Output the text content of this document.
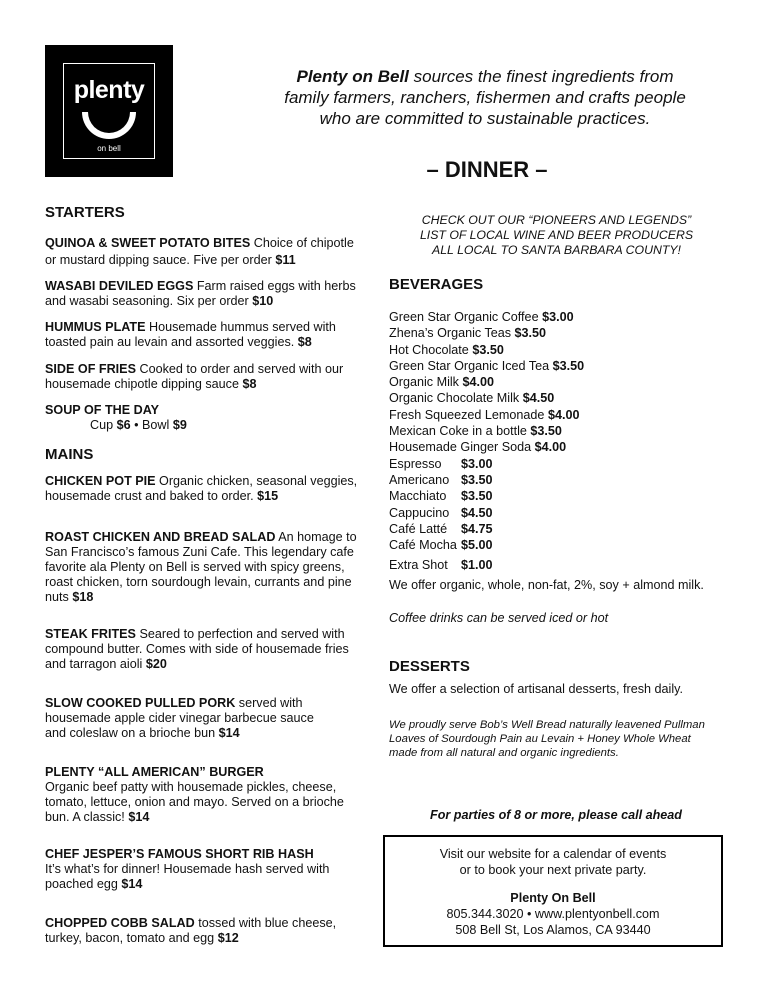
plenty
on bell
Plenty on Bell sources the finest ingredients from
family farmers, ranchers, fishermen and crafts people
who are committed to sustainable practices.
– DINNER –
STARTERS
QUINOA & SWEET POTATO BITES Choice of chipotle
or mustard dipping sauce. Five per order $11
WASABI DEVILED EGGS Farm raised eggs with herbs
and wasabi seasoning. Six per order $10
HUMMUS PLATE Housemade hummus served with
toasted pain au levain and assorted veggies. $8
SIDE OF FRIES Cooked to order and served with our
housemade chipotle dipping sauce $8
SOUP OF THE DAY
Cup $6 • Bowl $9
MAINS
CHICKEN POT PIE Organic chicken, seasonal veggies,
housemade crust and baked to order. $15
ROAST CHICKEN AND BREAD SALAD An homage to
San Francisco’s famous Zuni Cafe. This legendary cafe
favorite ala Plenty on Bell is served with spicy greens,
roast chicken, torn sourdough levain, currants and pine
nuts $18
STEAK FRITES Seared to perfection and served with
compound butter. Comes with side of housemade fries
and tarragon aioli $20
SLOW COOKED PULLED PORK served with
housemade apple cider vinegar barbecue sauce
and coleslaw on a brioche bun $14
PLENTY “ALL AMERICAN” BURGER
Organic beef patty with housemade pickles, cheese,
tomato, lettuce, onion and mayo. Served on a brioche
bun. A classic! $14
CHEF JESPER’S FAMOUS SHORT RIB HASH
It’s what’s for dinner! Housemade hash served with
poached egg $14
CHOPPED COBB SALAD tossed with blue cheese,
turkey, bacon, tomato and egg $12
CHECK OUT OUR “PIONEERS AND LEGENDS”
LIST OF LOCAL WINE AND BEER PRODUCERS
ALL LOCAL TO SANTA BARBARA COUNTY!
BEVERAGES
Green Star Organic Coffee $3.00
Zhena’s Organic Teas $3.50
Hot Chocolate $3.50
Green Star Organic Iced Tea $3.50
Organic Milk $4.00
Organic Chocolate Milk $4.50
Fresh Squeezed Lemonade $4.00
Mexican Coke in a bottle $3.50
Housemade Ginger Soda $4.00
Espresso $3.00
Americano $3.50
Macchiato $3.50
Cappucino $4.50
Café Latté $4.75
Café Mocha $5.00
Extra Shot $1.00
We offer organic, whole, non-fat, 2%, soy + almond milk.
Coffee drinks can be served iced or hot
DESSERTS
We offer a selection of artisanal desserts, fresh daily.
We proudly serve Bob’s Well Bread naturally leavened Pullman
Loaves of Sourdough Pain au Levain + Honey Whole Wheat
made from all natural and organic ingredients.
For parties of 8 or more, please call ahead
Visit our website for a calendar of events
or to book your next private party.
Plenty On Bell
805.344.3020 • www.plentyonbell.com
508 Bell St, Los Alamos, CA 93440
